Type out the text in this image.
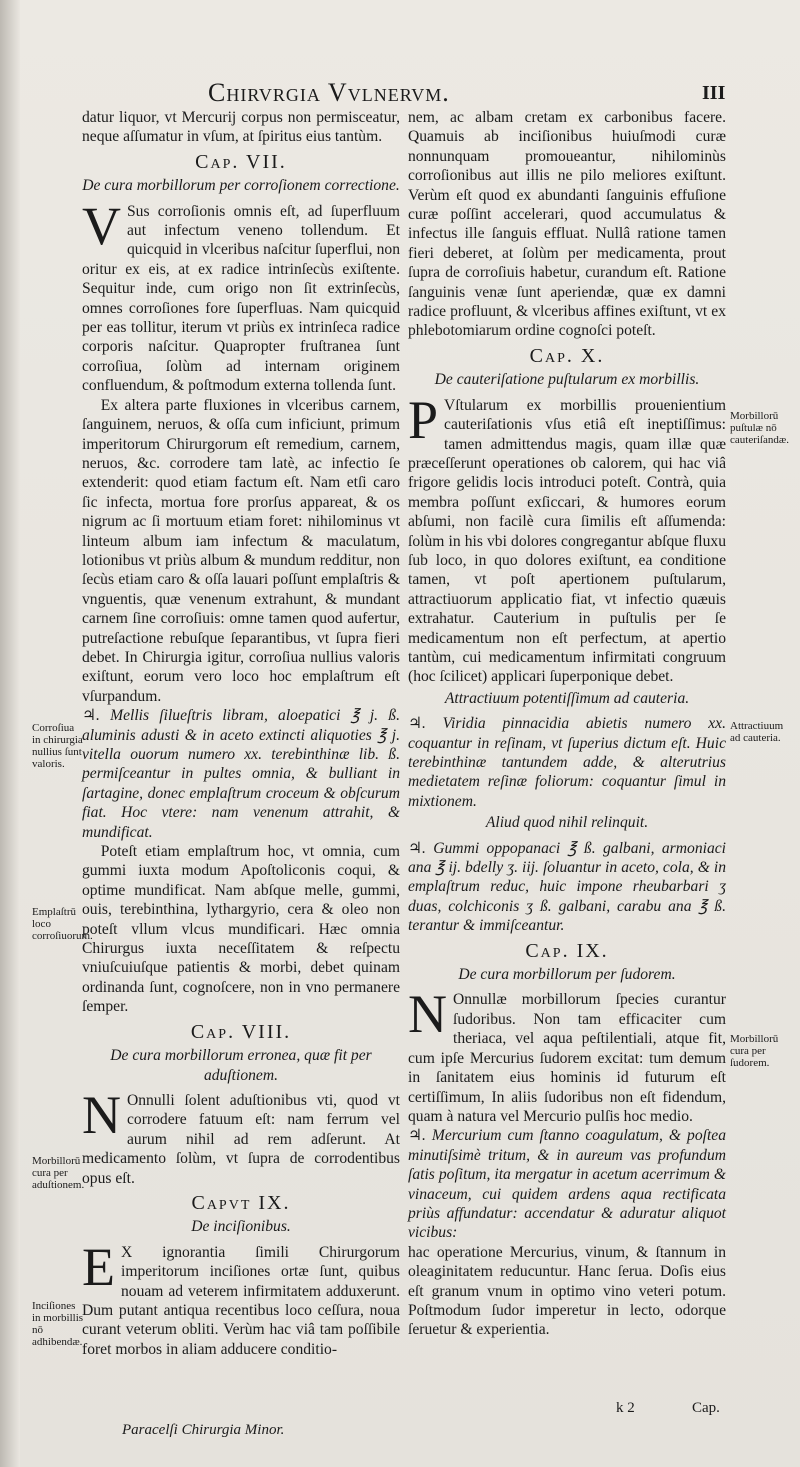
Chirvrgia Vvlnervm.	III

datur liquor, vt Mercurij corpus non permisceatur, neque aſſumatur in vſum, at ſpiritus eius tantùm.

Cap. VII.
De cura morbillorum per corroſionem correctione.

V Sus corroſionis omnis eſt, ad ſuperfluum aut infectum veneno tollendum. Et quicquid in vlceribus naſcitur ſuperflui, non oritur ex eis, at ex radice intrinſecùs exiſtente. Sequitur inde, cum origo non ſit extrinſecùs, omnes corroſiones fore ſuperfluas. Nam quicquid per eas tollitur, iterum vt priùs ex intrinſeca radice corporis naſcitur. Quapropter fruſtranea ſunt corroſiua, ſolùm ad internam originem confluendum, & poſtmodum externa tollenda ſunt.

Ex altera parte fluxiones in vlceribus carnem, ſanguinem, neruos, & oſſa cum inficiunt, primum imperitorum Chirurgorum eſt remedium, carnem, neruos, &c. corrodere tam latè, ac infectio ſe extenderit: quod etiam factum eſt. Nam etſi caro ſic infecta, mortua fore prorſus appareat, & os nigrum ac ſi mortuum etiam foret: nihilominus vt linteum album iam infectum & maculatum, lotionibus vt priùs album & mundum redditur, non ſecùs etiam caro & oſſa lauari poſſunt emplaſtris & vnguentis, quæ venenum extrahunt, & mundant carnem ſine corroſiuis: omne tamen quod aufertur, putreſactione rebuſque ſeparantibus, vt ſupra fieri debet. In Chirurgia igitur, corroſiua nullius valoris exiſtunt, eorum vero loco hoc emplaſtrum eſt vſurpandum.

♃. Mellis ſilueſtris libram, aloepatici ℥ j. ß. aluminis adusti & in aceto extincti aliquoties ℥ j. vitella ouorum numero xx. terebinthinæ lib. ß. permiſceantur in pultes omnia, & bulliant in ſartagine, donec emplaſtrum croceum & obſcurum fiat. Hoc vtere: nam venenum attrahit, & mundificat.

Poteſt etiam emplaſtrum hoc, vt omnia, cum gummi iuxta modum Apoſtoliconis coqui, & optime mundificat. Nam abſque melle, gummi, ouis, terebinthina, lythargyrio, cera & oleo non poteſt vllum vlcus mundificari. Hæc omnia Chirurgus iuxta neceſſitatem & reſpectu vniuſcuiuſque patientis & morbi, debet quinam ordinanda ſunt, cognoſcere, non in vno permanere ſemper.

Cap. VIII.
De cura morbillorum erronea, quæ fit per aduſtionem.

N Onnulli ſolent aduſtionibus vti, quod vt corrodere fatuum eſt: nam ferrum vel aurum nihil ad rem adſerunt. At medicamento ſolùm, vt ſupra de corrodentibus opus eſt.

Capvt IX.
De inciſionibus.

E X ignorantia ſimili Chirurgorum imperitorum inciſiones ortæ ſunt, quibus nouam ad veterem infirmitatem adduxerunt. Dum putant antiqua recentibus loco ceſſura, noua curant veterum obliti. Verùm hac viâ tam poſſibile foret morbos in aliam adducere conditio-

Paracelſi Chirurgia Minor.

nem, ac albam cretam ex carbonibus facere. Quamuis ab inciſionibus huiuſmodi curæ nonnunquam promoueantur, nihilominùs corroſionibus aut illis ne pilo meliores exiſtunt. Verùm eſt quod ex abundanti ſanguinis effuſione curæ poſſint accelerari, quod accumulatus & infectus ille ſanguis effluat. Nullâ ratione tamen fieri deberet, at ſolùm per medicamenta, prout ſupra de corroſiuis habetur, curandum eſt. Ratione ſanguinis venæ ſunt aperiendæ, quæ ex damni radice profluunt, & vlceribus affines exiſtunt, vt ex phlebotomiarum ordine cognoſci poteſt.

Cap. X.
De cauteriſatione puſtularum ex morbillis.

P Vſtularum ex morbillis prouenientium cauteriſationis vſus etiâ eſt ineptiſſimus: tamen admittendus magis, quam illæ quæ præceſſerunt operationes ob calorem, qui hac viâ frigore gelidis locis introduci poteſt. Contrà, quia membra poſſunt exſiccari, & humores eorum abſumi, non facilè cura ſimilis eſt aſſumenda: ſolùm in his vbi dolores congregantur abſque fluxu ſub loco, in quo dolores exiſtunt, ea conditione tamen, vt poſt apertionem puſtularum, attractiuorum applicatio fiat, vt infectio quæuis extrahatur. Cauterium in puſtulis per ſe medicamentum non eſt perfectum, at apertio tantùm, cui medicamentum infirmitati congruum (hoc ſcilicet) applicari ſuperponique debet.

Attractiuum potentiſſimum ad cauteria.

♃. Viridia pinnacidia abietis numero xx. coquantur in reſinam, vt ſuperius dictum eſt. Huic terebinthinæ tantundem adde, & alterutrius medietatem reſinæ foliorum: coquantur ſimul in mixtionem.

Aliud quod nihil relinquit.

♃. Gummi oppopanaci ℥ ß. galbani, armoniaci ana ℥ ij. bdelly ʒ. iij. ſoluantur in aceto, cola, & in emplaſtrum reduc, huic impone rheubarbari ʒ duas, colchiconis ʒ ß. galbani, carabu ana ℥ ß. terantur & immiſceantur.

Cap. IX.
De cura morbillorum per ſudorem.

N Onnullæ morbillorum ſpecies curantur ſudoribus. Non tam efficaciter cum theriaca, vel aqua peſtilentiali, atque fit, cum ipſe Mercurius ſudorem excitat: tum demum in ſanitatem eius hominis id futurum eſt certiſſimum, In aliis ſudoribus non eſt fidendum, quam à natura vel Mercurio pulſis hoc medio.

♃. Mercurium cum ſtanno coagulatum, & poſtea minutiſsimè tritum, & in aureum vas profundum ſatis poſitum, ita mergatur in acetum acerrimum & vinaceum, cui quidem ardens aqua rectificata priùs affundatur: accendatur & aduratur aliquot vicibus:

hac operatione Mercurius, vinum, & ſtannum in oleaginitatem reducuntur. Hanc ſerua. Doſis eius eſt granum vnum in optimo vino veteri potum. Poſtmodum ſudor imperetur in lecto, odorque ſeruetur & experientia.

k 2	Cap.
Corroſiua in chirurgia nullius ſunt valoris.
Emplaſtrū loco corroſiuorum.
Morbillorū cura per aduſtionem.
Inciſiones in morbillis nō adhibendæ.
Morbillorū puſtulæ nō cauteriſandæ.
Attractiuum ad cauteria.
Morbillorū cura per ſudorem.
